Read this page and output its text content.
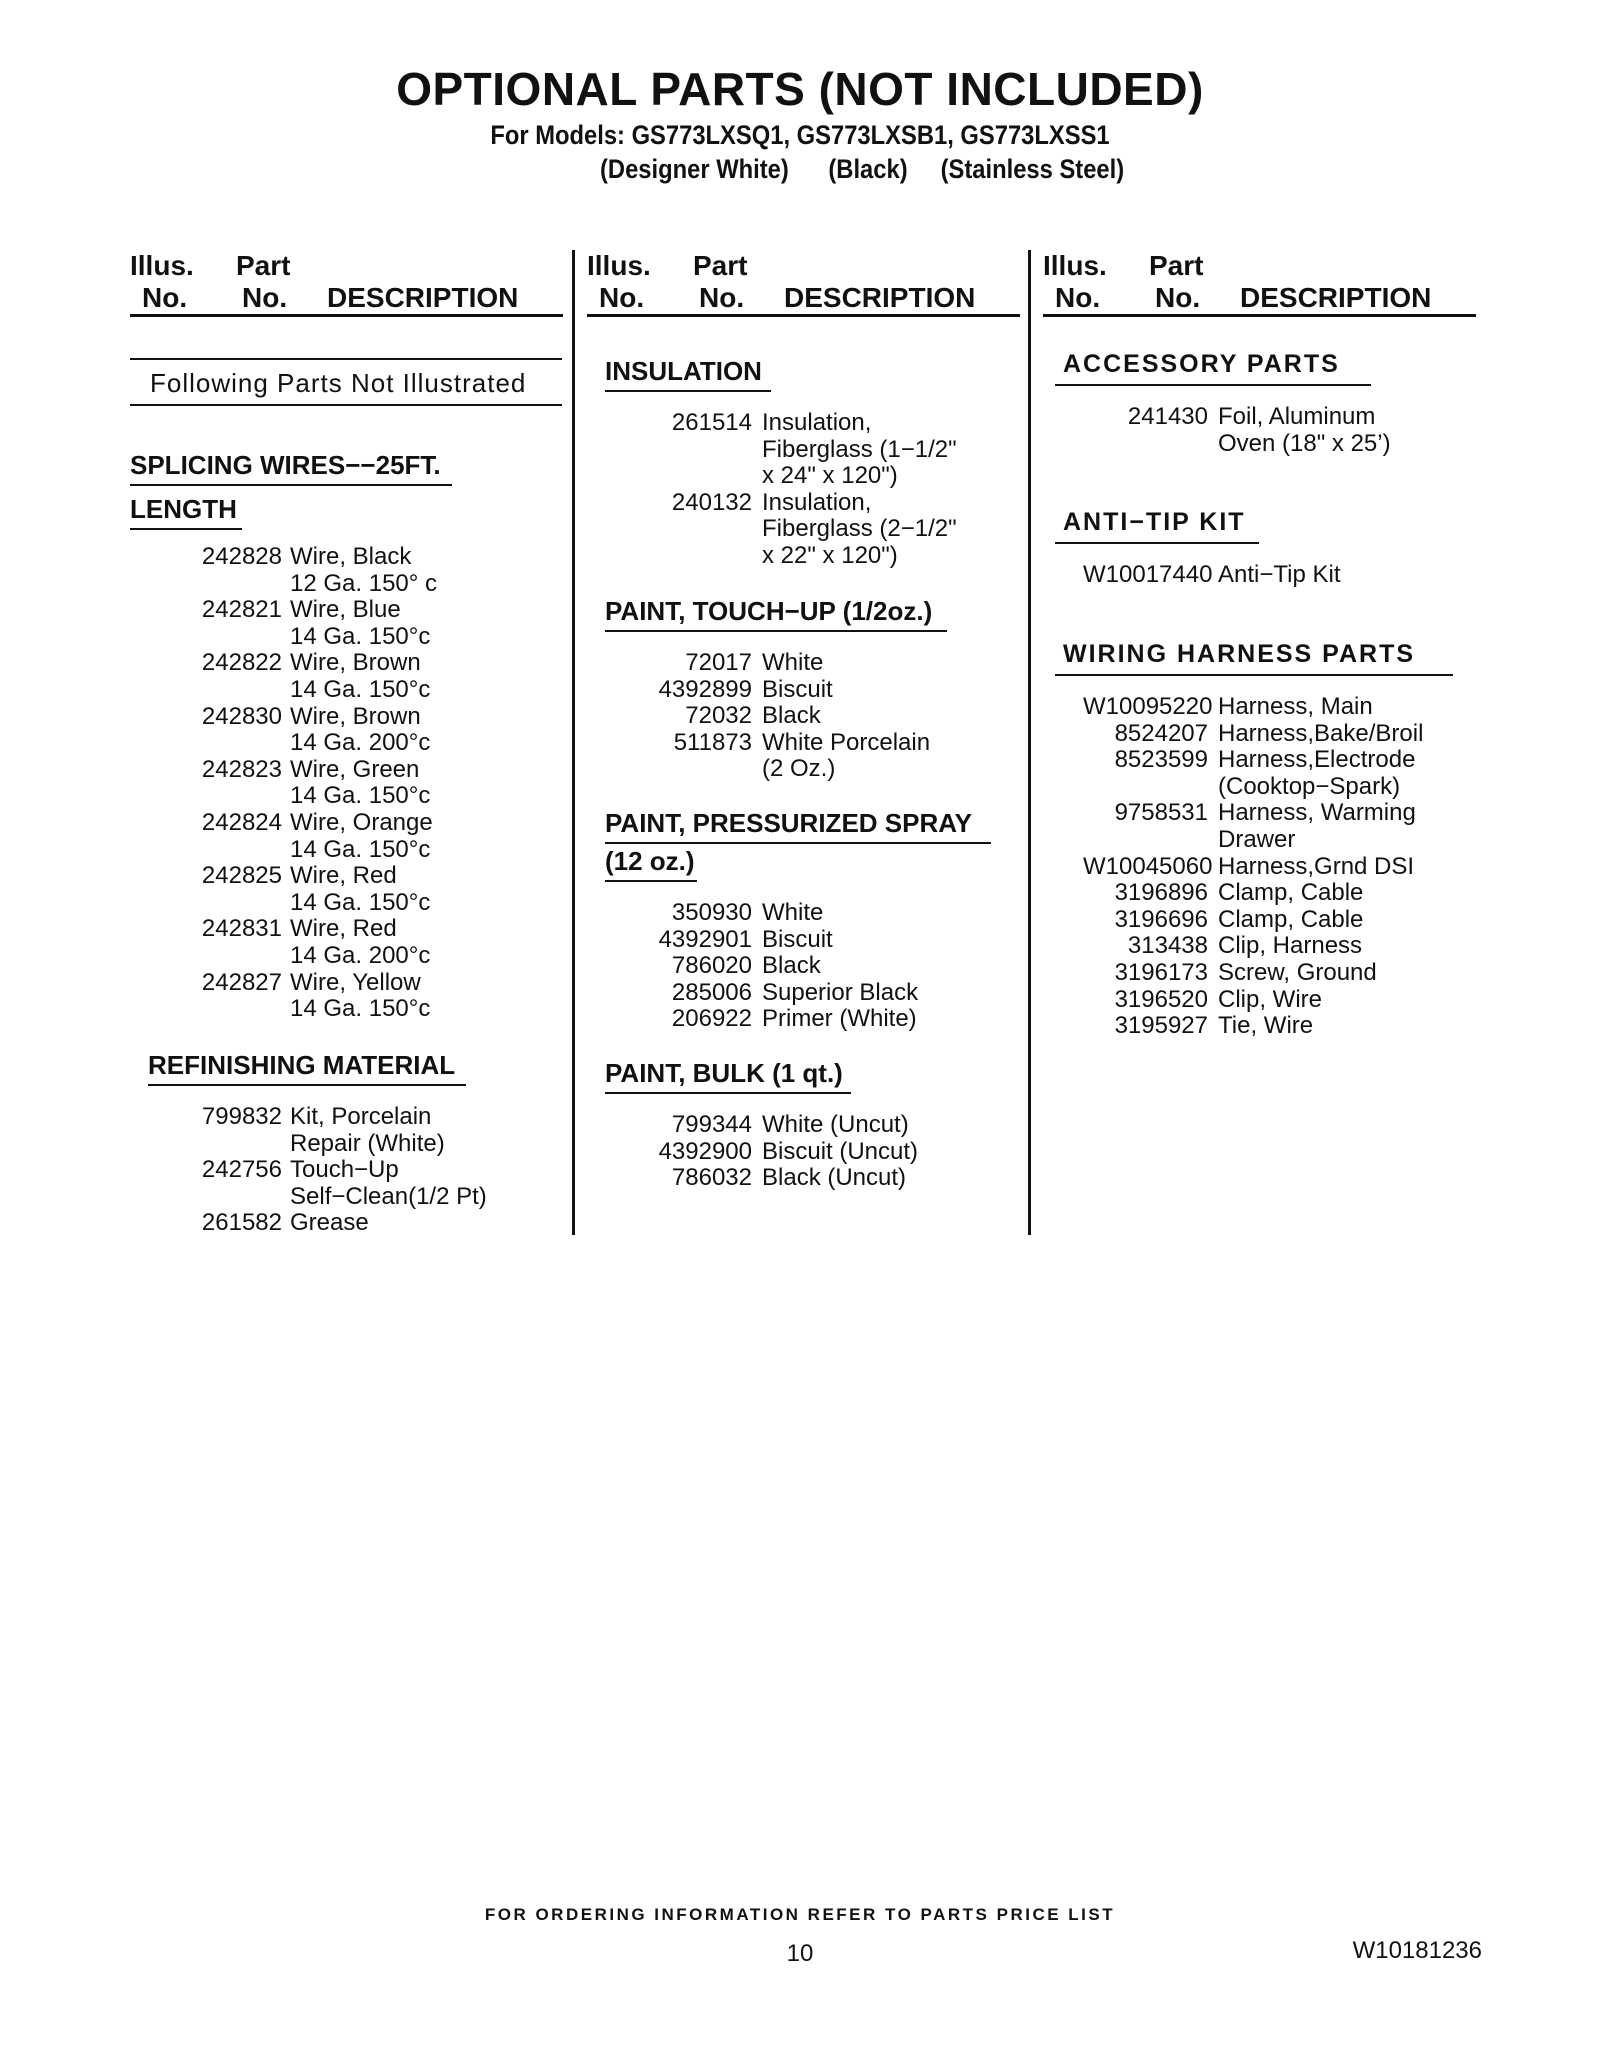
OPTIONAL PARTS (NOT INCLUDED)
For Models: GS773LXSQ1, GS773LXSB1, GS773LXSS1
(Designer White)      (Black)     (Stainless Steel)
Illus.
No.
Part
No. DESCRIPTION
Following Parts Not Illustrated
SPLICING WIRES−−25FT.
LENGTH
242828 Wire, Black
12 Ga. 150° c
242821 Wire, Blue
14 Ga. 150°c
242822 Wire, Brown
14 Ga. 150°c
242830 Wire, Brown
14 Ga. 200°c
242823 Wire, Green
14 Ga. 150°c
242824 Wire, Orange
14 Ga. 150°c
242825 Wire, Red
14 Ga. 150°c
242831 Wire, Red
14 Ga. 200°c
242827 Wire, Yellow
14 Ga. 150°c
REFINISHING MATERIAL
799832 Kit, Porcelain
Repair (White)
242756 Touch−Up
Self−Clean(1/2 Pt)
261582 Grease
Illus.
No.
Part
No. DESCRIPTION
INSULATION
261514 Insulation,
Fiberglass (1−1/2"
x 24" x 120")
240132 Insulation,
Fiberglass (2−1/2"
x 22" x 120")
PAINT, TOUCH−UP (1/2oz.)
72017 White
4392899 Biscuit
72032 Black
511873 White Porcelain
(2 Oz.)
PAINT, PRESSURIZED SPRAY
(12 oz.)
350930 White
4392901 Biscuit
786020 Black
285006 Superior Black
206922 Primer (White)
PAINT, BULK (1 qt.)
799344 White (Uncut)
4392900 Biscuit (Uncut)
786032 Black (Uncut)
Illus.
No.
Part
No. DESCRIPTION
ACCESSORY PARTS
241430 Foil, Aluminum
Oven (18" x 25’)
ANTI−TIP KIT
W10017440 Anti−Tip Kit
WIRING HARNESS PARTS
W10095220 Harness, Main
8524207 Harness,Bake/Broil
8523599 Harness,Electrode
(Cooktop−Spark)
9758531 Harness, Warming
Drawer
W10045060 Harness,Grnd DSI
3196896 Clamp, Cable
3196696 Clamp, Cable
313438 Clip, Harness
3196173 Screw, Ground
3196520 Clip, Wire
3195927 Tie, Wire
FOR ORDERING INFORMATION REFER TO PARTS PRICE LIST
10	W10181236
